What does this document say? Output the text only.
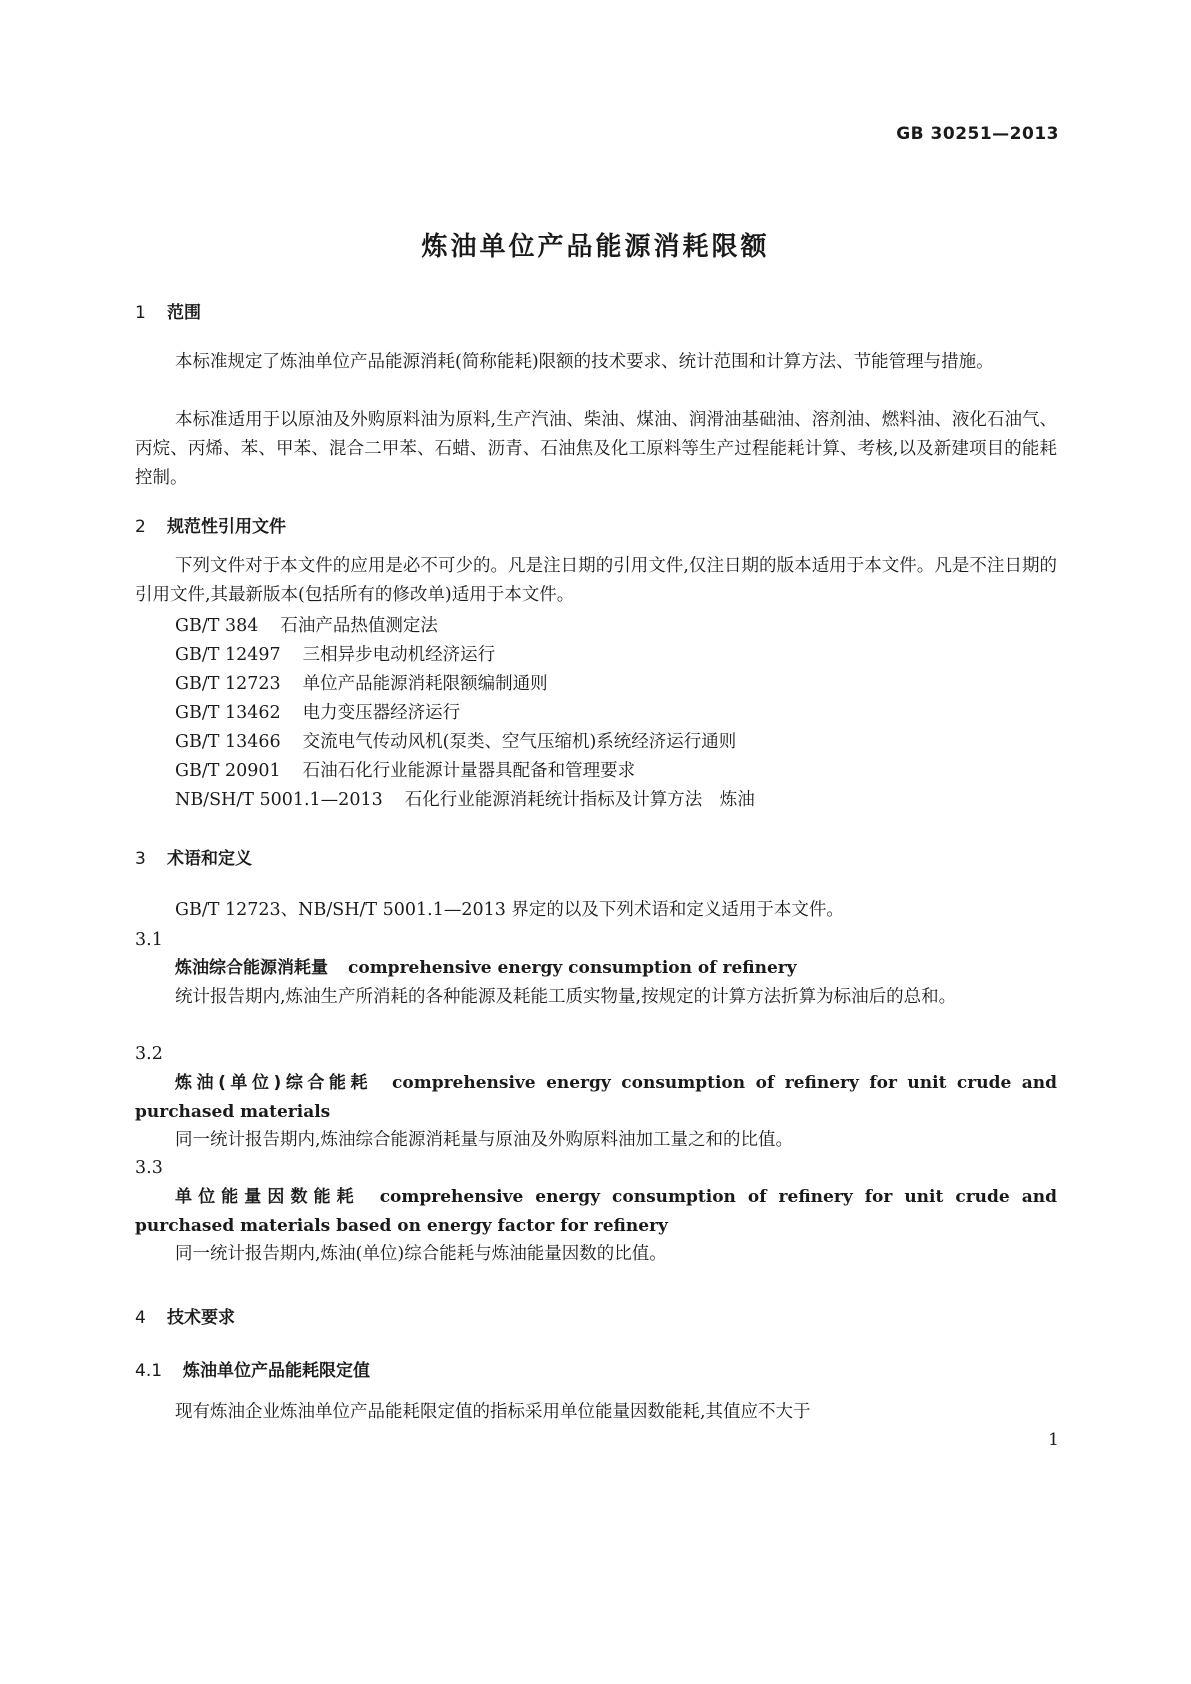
GB 30251—2013
炼油单位产品能源消耗限额
1 范围
本标准规定了炼油单位产品能源消耗(简称能耗)限额的技术要求、统计范围和计算方法、节能管理与措施。
本标准适用于以原油及外购原料油为原料,生产汽油、柴油、煤油、润滑油基础油、溶剂油、燃料油、液化石油气、丙烷、丙烯、苯、甲苯、混合二甲苯、石蜡、沥青、石油焦及化工原料等生产过程能耗计算、考核,以及新建项目的能耗控制。
2 规范性引用文件
下列文件对于本文件的应用是必不可少的。凡是注日期的引用文件,仅注日期的版本适用于本文件。凡是不注日期的引用文件,其最新版本(包括所有的修改单)适用于本文件。
GB/T 384 石油产品热值测定法
GB/T 12497 三相异步电动机经济运行
GB/T 12723 单位产品能源消耗限额编制通则
GB/T 13462 电力变压器经济运行
GB/T 13466 交流电气传动风机(泵类、空气压缩机)系统经济运行通则
GB/T 20901 石油石化行业能源计量器具配备和管理要求
NB/SH/T 5001.1—2013 石化行业能源消耗统计指标及计算方法　炼油
3 术语和定义
GB/T 12723、NB/SH/T 5001.1—2013 界定的以及下列术语和定义适用于本文件。
3.1
炼油综合能源消耗量 comprehensive energy consumption of refinery
统计报告期内,炼油生产所消耗的各种能源及耗能工质实物量,按规定的计算方法折算为标油后的总和。
3.2
炼油(单位)综合能耗 comprehensive energy consumption of refinery for unit crude and purchased materials
同一统计报告期内,炼油综合能源消耗量与原油及外购原料油加工量之和的比值。
3.3
单位能量因数能耗 comprehensive energy consumption of refinery for unit crude and purchased materials based on energy factor for refinery
同一统计报告期内,炼油(单位)综合能耗与炼油能量因数的比值。
4 技术要求
4.1 炼油单位产品能耗限定值
现有炼油企业炼油单位产品能耗限定值的指标采用单位能量因数能耗,其值应不大于
1
